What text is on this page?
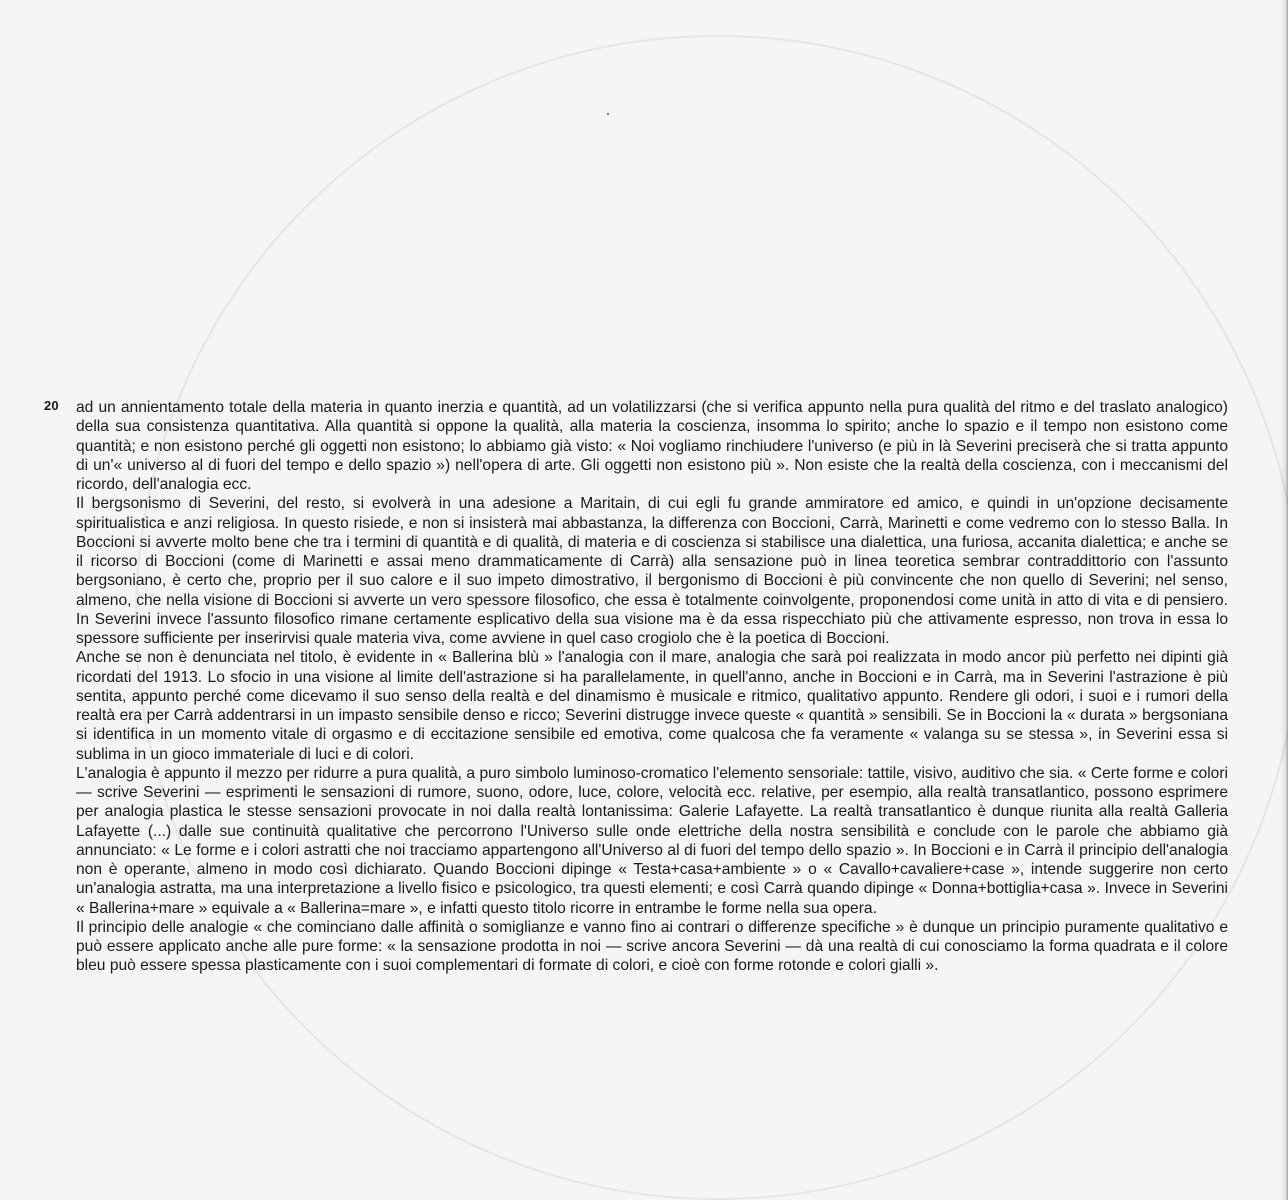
20 ad un annientamento totale della materia in quanto inerzia e quantità, ad un volatilizzarsi (che si verifica appunto nella pura qualità del ritmo e del traslato analogico) della sua consistenza quantitativa. Alla quantità si oppone la qualità, alla materia la coscienza, insomma lo spirito; anche lo spazio e il tempo non esistono come quantità; e non esistono perché gli oggetti non esistono; lo abbiamo già visto: « Noi vogliamo rinchiudere l'universo (e più in là Severini preciserà che si tratta appunto di un'« universo al di fuori del tempo e dello spazio ») nell'opera di arte. Gli oggetti non esistono più ». Non esiste che la realtà della coscienza, con i meccanismi del ricordo, dell'analogia ecc.

Il bergsonismo di Severini, del resto, si evolverà in una adesione a Maritain, di cui egli fu grande ammiratore ed amico, e quindi in un'opzione decisamente spiritualistica e anzi religiosa. In questo risiede, e non si insisterà mai abbastanza, la differenza con Boccioni, Carrà, Marinetti e come vedremo con lo stesso Balla. In Boccioni si avverte molto bene che tra i termini di quantità e di qualità, di materia e di coscienza si stabilisce una dialettica, una furiosa, accanita dialettica; e anche se il ricorso di Boccioni (come di Marinetti e assai meno drammaticamente di Carrà) alla sensazione può in linea teoretica sembrar contraddittorio con l'assunto bergsoniano, è certo che, proprio per il suo calore e il suo impeto dimostrativo, il bergonismo di Boccioni è più convincente che non quello di Severini; nel senso, almeno, che nella visione di Boccioni si avverte un vero spessore filosofico, che essa è totalmente coinvolgente, proponendosi come unità in atto di vita e di pensiero. In Severini invece l'assunto filosofico rimane certamente esplicativo della sua visione ma è da essa rispecchiato più che attivamente espresso, non trova in essa lo spessore sufficiente per inserirvisi quale materia viva, come avviene in quel caso crogiolo che è la poetica di Boccioni.

Anche se non è denunciata nel titolo, è evidente in « Ballerina blù » l'analogia con il mare, analogia che sarà poi realizzata in modo ancor più perfetto nei dipinti già ricordati del 1913. Lo sfocio in una visione al limite dell'astrazione si ha parallelamente, in quell'anno, anche in Boccioni e in Carrà, ma in Severini l'astrazione è più sentita, appunto perché come dicevamo il suo senso della realtà e del dinamismo è musicale e ritmico, qualitativo appunto. Rendere gli odori, i suoi e i rumori della realtà era per Carrà addentrarsi in un impasto sensibile denso e ricco; Severini distrugge invece queste « quantità » sensibili. Se in Boccioni la « durata » bergsoniana si identifica in un momento vitale di orgasmo e di eccitazione sensibile ed emotiva, come qualcosa che fa veramente « valanga su se stessa », in Severini essa si sublima in un gioco immateriale di luci e di colori.

L'analogia è appunto il mezzo per ridurre a pura qualità, a puro simbolo luminoso-cromatico l'elemento sensoriale: tattile, visivo, auditivo che sia. « Certe forme e colori — scrive Severini — esprimenti le sensazioni di rumore, suono, odore, luce, colore, velocità ecc. relative, per esempio, alla realtà transatlantico, possono esprimere per analogia plastica le stesse sensazioni provocate in noi dalla realtà lontanissima: Galerie Lafayette. La realtà transatlantico è dunque riunita alla realtà Galleria Lafayette (...) dalle sue continuità qualitative che percorrono l'Universo sulle onde elettriche della nostra sensibilità e conclude con le parole che abbiamo già annunciato: « Le forme e i colori astratti che noi tracciamo appartengono all'Universo al di fuori del tempo dello spazio ». In Boccioni e in Carrà il principio dell'analogia non è operante, almeno in modo così dichiarato. Quando Boccioni dipinge « Testa+casa+ambiente » o « Cavallo+cavaliere+case », intende suggerire non certo un'analogia astratta, ma una interpretazione a livello fisico e psicologico, tra questi elementi; e così Carrà quando dipinge « Donna+bottiglia+casa ». Invece in Severini « Ballerina+mare » equivale a « Ballerina=mare », e infatti questo titolo ricorre in entrambe le forme nella sua opera.

Il principio delle analogie « che cominciano dalle affinità o somiglianze e vanno fino ai contrari o differenze specifiche » è dunque un principio puramente qualitativo e può essere applicato anche alle pure forme: « la sensazione prodotta in noi — scrive ancora Severini — dà una realtà di cui conosciamo la forma quadrata e il colore bleu può essere spessa plasticamente con i suoi complementari di formate di colori, e cioè con forme rotonde e colori gialli ».
